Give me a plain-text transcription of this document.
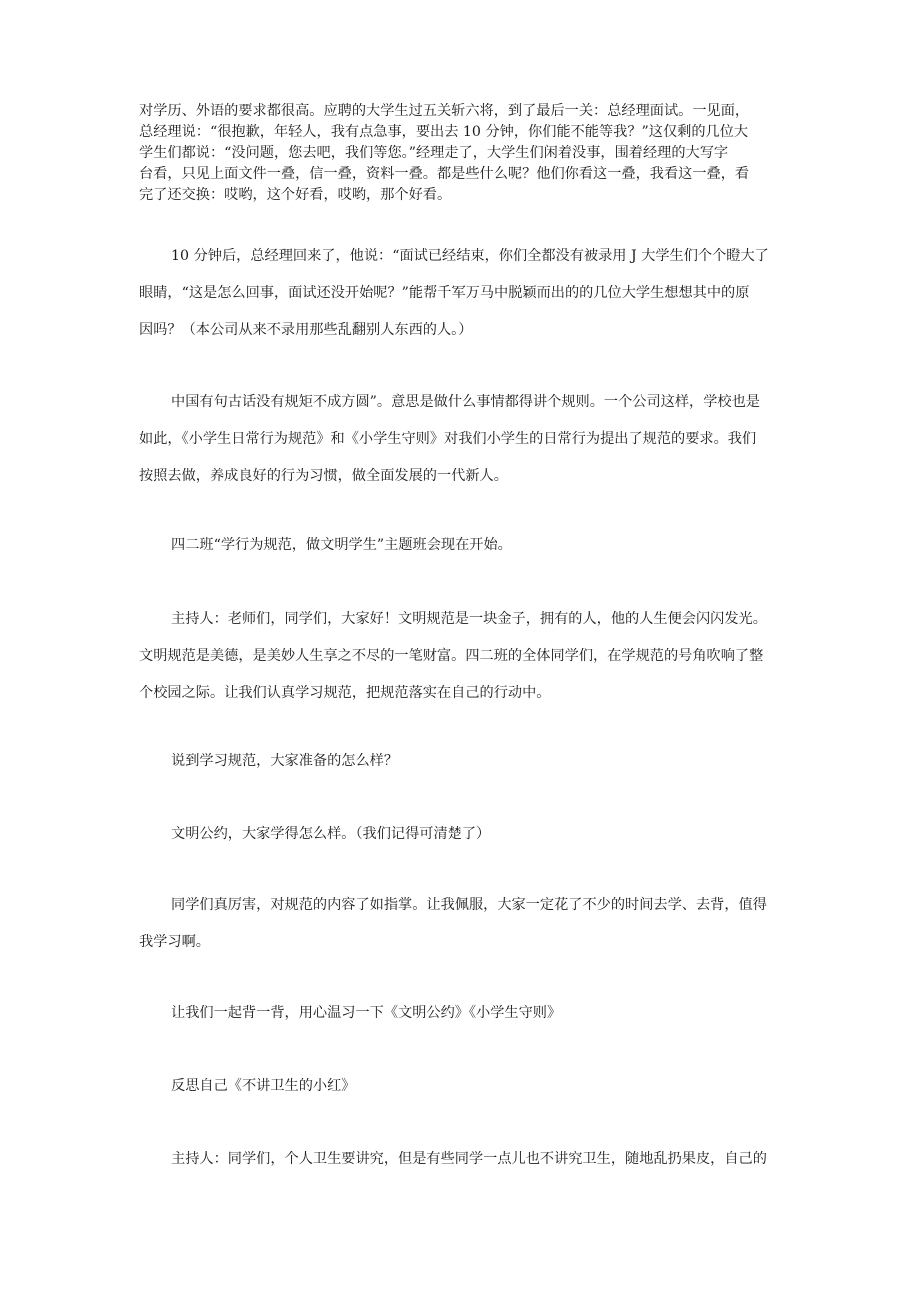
对学历、外语的要求都很高。应聘的大学生过五关斩六将，到了最后一关：总经理面试。一见面，
总经理说：“很抱歉，年轻人，我有点急事，要出去 10 分钟，你们能不能等我？”这仅剩的几位大
学生们都说：“没问题，您去吧，我们等您。”经理走了，大学生们闲着没事，围着经理的大写字
台看，只见上面文件一叠，信一叠，资料一叠。都是些什么呢？他们你看这一叠，我看这一叠，看
完了还交换：哎哟，这个好看，哎哟，那个好看。
10 分钟后，总经理回来了，他说：“面试已经结束，你们全都没有被录用 J 大学生们个个瞪大了
眼睛，“这是怎么回事，面试还没开始呢？”能帮千军万马中脱颖而出的的几位大学生想想其中的原
因吗？（本公司从来不录用那些乱翻别人东西的人。）
中国有句古话没有规矩不成方圆”。意思是做什么事情都得讲个规则。一个公司这样，学校也是
如此，《小学生日常行为规范》和《小学生守则》对我们小学生的日常行为提出了规范的要求。我们
按照去做，养成良好的行为习惯，做全面发展的一代新人。
四二班“学行为规范，做文明学生”主题班会现在开始。
主持人：老师们，同学们，大家好！文明规范是一块金子，拥有的人，他的人生便会闪闪发光。
文明规范是美德，是美妙人生享之不尽的一笔财富。四二班的全体同学们，在学规范的号角吹响了整
个校园之际。让我们认真学习规范，把规范落实在自己的行动中。
说到学习规范，大家准备的怎么样？
文明公约，大家学得怎么样。（我们记得可清楚了）
同学们真厉害，对规范的内容了如指掌。让我佩服，大家一定花了不少的时间去学、去背，值得
我学习啊。
让我们一起背一背，用心温习一下《文明公约》《小学生守则》
反思自己《不讲卫生的小红》
主持人：同学们，个人卫生要讲究，但是有些同学一点儿也不讲究卫生，随地乱扔果皮，自己的
